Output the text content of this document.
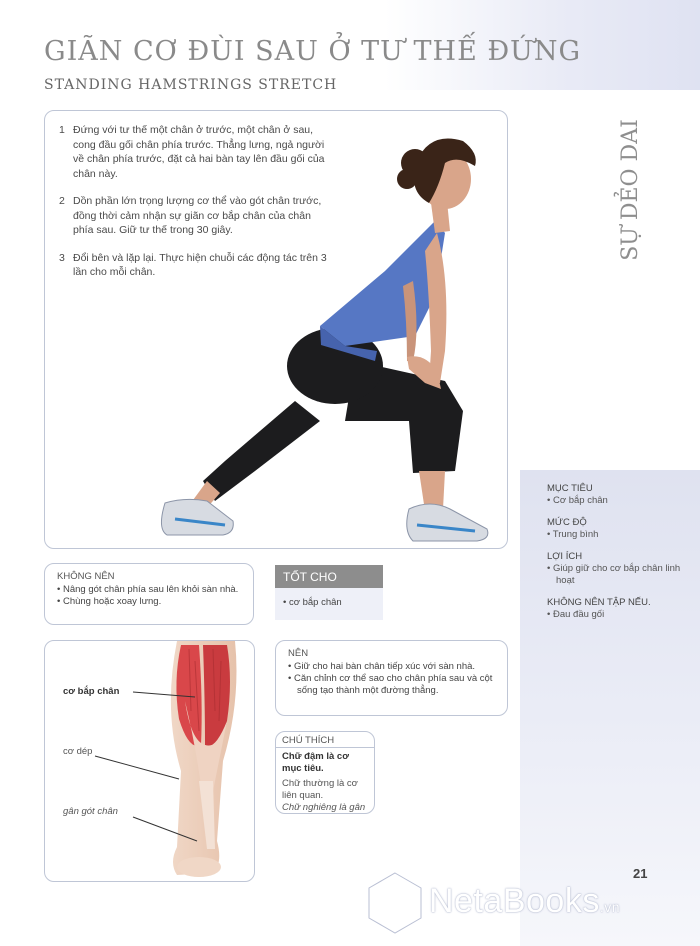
GIÃN CƠ ĐÙI SAU Ở TƯ THẾ ĐỨNG
STANDING HAMSTRINGS STRETCH
SỰ DẺO DAI
1 Đứng với tư thế một chân ở trước, một chân ở sau, cong đầu gối chân phía trước. Thẳng lưng, ngả người về chân phía trước, đặt cả hai bàn tay lên đầu gối của chân này.
2 Dồn phần lớn trọng lượng cơ thể vào gót chân trước, đồng thời cảm nhận sự giãn cơ bắp chân của chân phía sau. Giữ tư thế trong 30 giây.
3 Đổi bên và lặp lại. Thực hiện chuỗi các động tác trên 3 lần cho mỗi chân.
MỤC TIÊU
• Cơ bắp chân
MỨC ĐỘ
• Trung bình
LỢI ÍCH
• Giúp giữ cho cơ bắp chân linh hoạt
KHÔNG NÊN TẬP NẾU.
• Đau đầu gối
KHÔNG NÊN
• Nâng gót chân phía sau lên khỏi sàn nhà.
• Chùng hoặc xoay lưng.
TỐT CHO
• cơ bắp chân
NÊN
• Giữ cho hai bàn chân tiếp xúc với sàn nhà.
• Căn chỉnh cơ thể sao cho chân phía sau và cột sống tạo thành một đường thẳng.
cơ bắp chân
cơ dép
gân gót chân
CHÚ THÍCH
Chữ đậm là cơ mục tiêu.
Chữ thường là cơ liên quan.
Chữ nghiêng là gân
21
NetaBooks.vn
